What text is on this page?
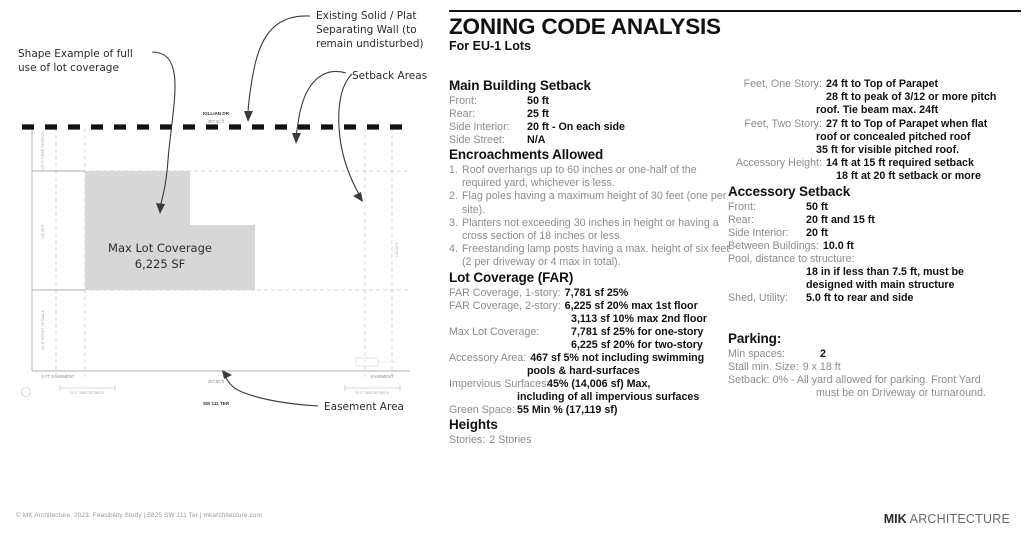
KILLIAN DR
207.50 ft
SW 111 TER
207.50 ft
5 FT EASEMENT	EASEMENT
25'-0" REAR SETBACK
130.00 ft
50'-0" FRONT SETBACK
130.00 ft
20'-0" SIDE SETBACK	20'-0" SIDE SETBACK
Shape Example of full
use of lot coverage
Existing Solid / Plat
Separating Wall (to
remain undisturbed)
Setback Areas
Easement Area
Max Lot Coverage
6,225 SF
© MK Architecture, 2023. Feasibility Study | 5825 SW 111 Ter | mkarchitecture.com
ZONING CODE ANALYSIS
For EU-1 Lots
Main Building Setback
Front:	50 ft
Rear:	25 ft
Side Interior:	20 ft - On each side
Side Street:	N/A
Encroachments Allowed
1. Roof overhangs up to 60 inches or one-half of the required yard, whichever is less.
2. Flag poles having a maximum height of 30 feet (one per site).
3. Planters not exceeding 30 inches in height or having a cross section of 18 inches or less.
4. Freestanding lamp posts having a max. height of six feet (2 per driveway or 4 max in total).
Lot Coverage (FAR)
FAR Coverage, 1-story: 7,781 sf 25%
FAR Coverage, 2-story: 6,225 sf 20% max 1st floor
3,113 sf 10% max 2nd floor
Max Lot Coverage:	7,781 sf 25% for one-story
6,225 sf 20% for two-story
Accessory Area: 467 sf 5% not including swimming
pools & hard-surfaces
Impervious Surfaces:
45% (14,006 sf) Max,
including of all impervious surfaces
Green Space: 55 Min % (17,119 sf)
Heights
Stories: 2 Stories
Feet, One Story: 24 ft to Top of Parapet
28 ft to peak of 3/12 or more pitch
roof. Tie beam max. 24ft
Feet, Two Story: 27 ft to Top of Parapet when flat
roof or concealed pitched roof
35 ft for visible pitched roof.
Accessory Height: 14 ft at 15 ft required setback
18 ft at 20 ft setback or more
Accessory Setback
Front:	50 ft
Rear:	20 ft and 15 ft
Side Interior:	20 ft
Between Buildings: 10.0 ft
Pool, distance to structure:
18 in if less than 7.5 ft, must be
designed with main structure
Shed, Utility:	5.0 ft to rear and side
Parking:
Min spaces:	2
Stall min. Size: 9 x 18 ft
Setback: 0% - All yard allowed for parking. Front Yard
must be on Driveway or turnaround.
MIK ARCHITECTURE
